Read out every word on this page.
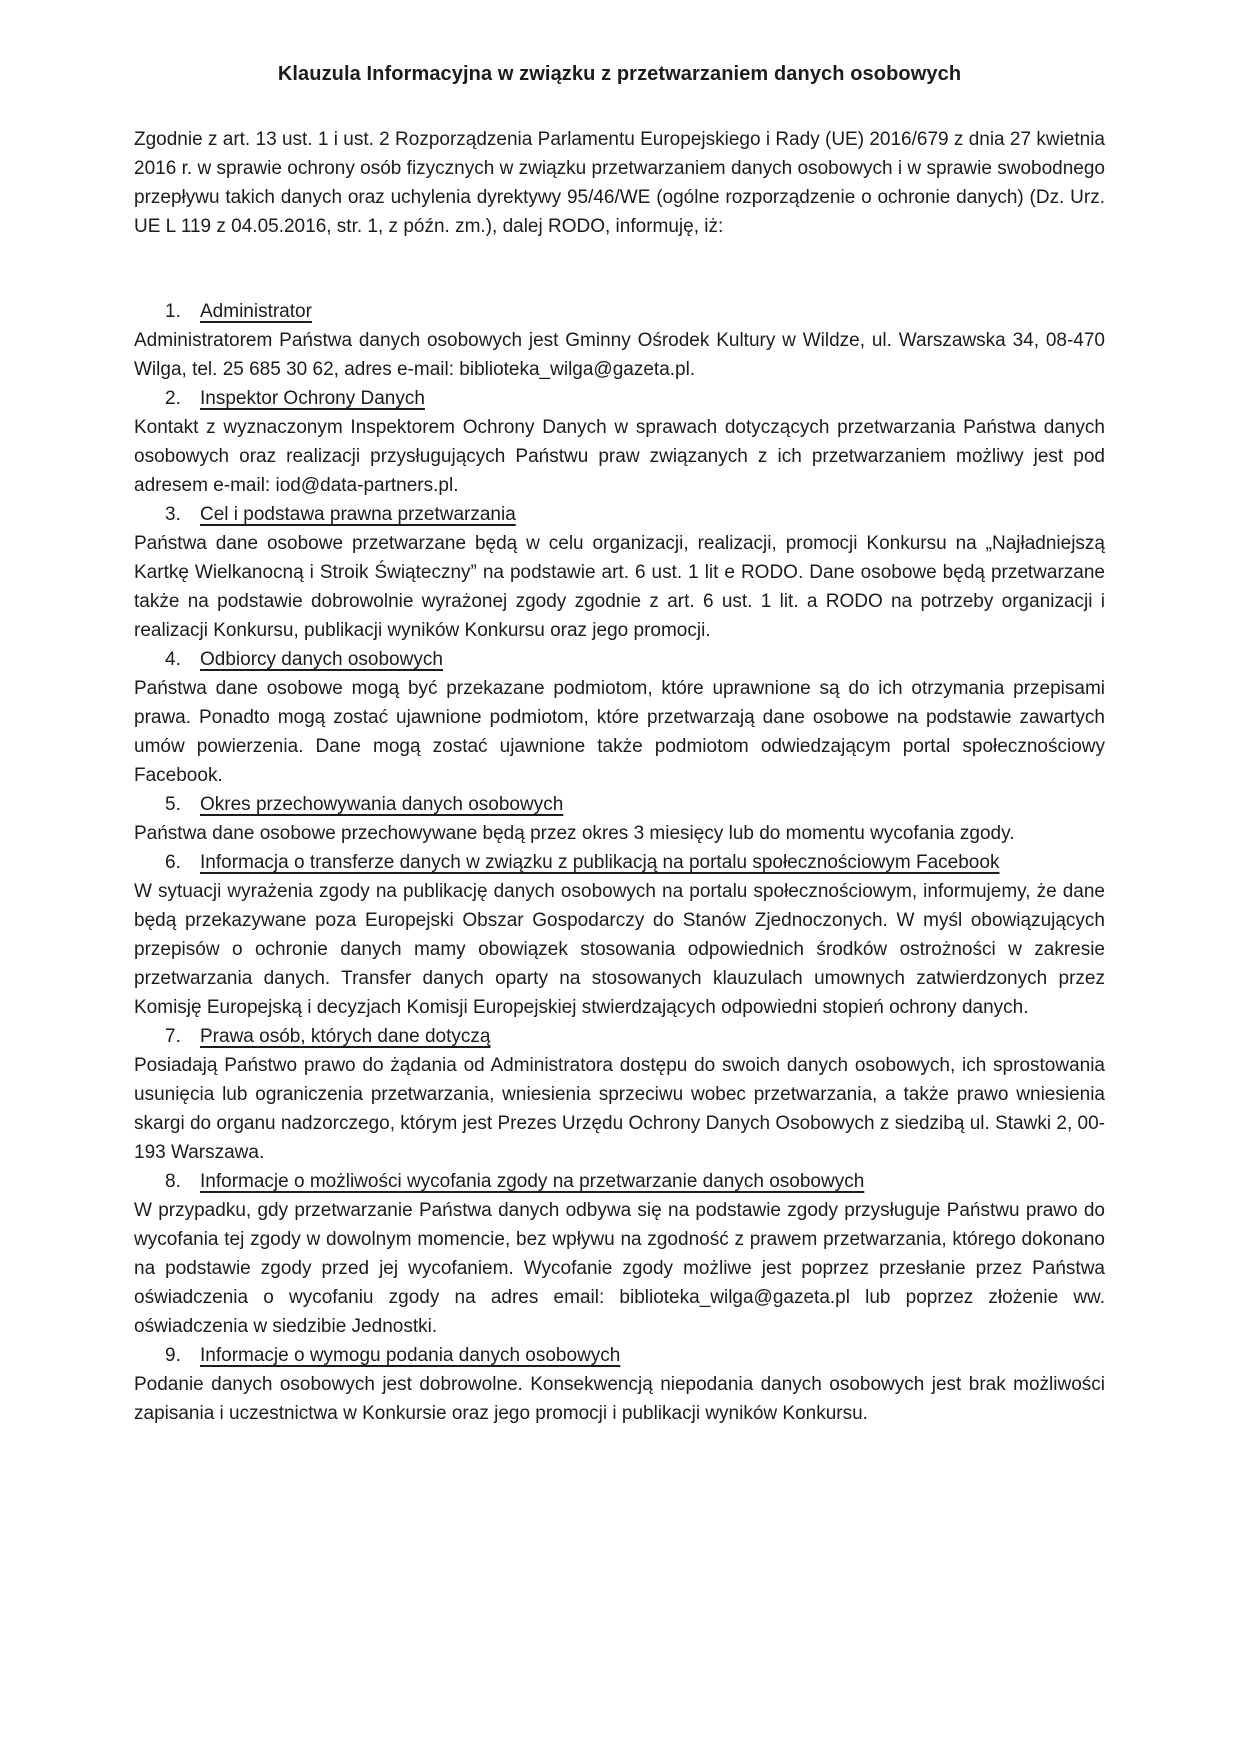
Klauzula Informacyjna w związku z przetwarzaniem danych osobowych

Zgodnie z art. 13 ust. 1 i ust. 2 Rozporządzenia Parlamentu Europejskiego i Rady (UE) 2016/679 z dnia 27 kwietnia 2016 r. w sprawie ochrony osób fizycznych w związku przetwarzaniem danych osobowych i w sprawie swobodnego przepływu takich danych oraz uchylenia dyrektywy 95/46/WE (ogólne rozporządzenie o ochronie danych) (Dz. Urz. UE L 119 z 04.05.2016, str. 1, z późn. zm.), dalej RODO, informuję, iż:

1. Administrator

Administratorem Państwa danych osobowych jest Gminny Ośrodek Kultury w Wildze, ul. Warszawska 34, 08-470 Wilga, tel. 25 685 30 62, adres e-mail: biblioteka_wilga@gazeta.pl.

2. Inspektor Ochrony Danych

Kontakt z wyznaczonym Inspektorem Ochrony Danych w sprawach dotyczących przetwarzania Państwa danych osobowych oraz realizacji przysługujących Państwu praw związanych z ich przetwarzaniem możliwy jest pod adresem e-mail: iod@data-partners.pl.

3. Cel i podstawa prawna przetwarzania

Państwa dane osobowe przetwarzane będą w celu organizacji, realizacji, promocji Konkursu na „Najładniejszą Kartkę Wielkanocną i Stroik Świąteczny” na podstawie art. 6 ust. 1 lit e RODO. Dane osobowe będą przetwarzane także na podstawie dobrowolnie wyrażonej zgody zgodnie z art. 6 ust. 1 lit. a RODO na potrzeby organizacji i realizacji Konkursu, publikacji wyników Konkursu oraz jego promocji.

4. Odbiorcy danych osobowych

Państwa dane osobowe mogą być przekazane podmiotom, które uprawnione są do ich otrzymania przepisami prawa. Ponadto mogą zostać ujawnione podmiotom, które przetwarzają dane osobowe na podstawie zawartych umów powierzenia. Dane mogą zostać ujawnione także podmiotom odwiedzającym portal społecznościowy Facebook.

5. Okres przechowywania danych osobowych

Państwa dane osobowe przechowywane będą przez okres 3 miesięcy lub do momentu wycofania zgody.

6. Informacja o transferze danych w związku z publikacją na portalu społecznościowym Facebook

W sytuacji wyrażenia zgody na publikację danych osobowych na portalu społecznościowym, informujemy, że dane będą przekazywane poza Europejski Obszar Gospodarczy do Stanów Zjednoczonych. W myśl obowiązujących przepisów o ochronie danych mamy obowiązek stosowania odpowiednich środków ostrożności w zakresie przetwarzania danych. Transfer danych oparty na stosowanych klauzulach umownych zatwierdzonych przez Komisję Europejską i decyzjach Komisji Europejskiej stwierdzających odpowiedni stopień ochrony danych.

7. Prawa osób, których dane dotyczą

Posiadają Państwo prawo do żądania od Administratora dostępu do swoich danych osobowych, ich sprostowania usunięcia lub ograniczenia przetwarzania, wniesienia sprzeciwu wobec przetwarzania, a także prawo wniesienia skargi do organu nadzorczego, którym jest Prezes Urzędu Ochrony Danych Osobowych z siedzibą ul. Stawki 2, 00-193 Warszawa.

8. Informacje o możliwości wycofania zgody na przetwarzanie danych osobowych

W przypadku, gdy przetwarzanie Państwa danych odbywa się na podstawie zgody przysługuje Państwu prawo do wycofania tej zgody w dowolnym momencie, bez wpływu na zgodność z prawem przetwarzania, którego dokonano na podstawie zgody przed jej wycofaniem. Wycofanie zgody możliwe jest poprzez przesłanie przez Państwa oświadczenia o wycofaniu zgody na adres email: biblioteka_wilga@gazeta.pl lub poprzez złożenie ww. oświadczenia w siedzibie Jednostki.

9. Informacje o wymogu podania danych osobowych

Podanie danych osobowych jest dobrowolne. Konsekwencją niepodania danych osobowych jest brak możliwości zapisania i uczestnictwa w Konkursie oraz jego promocji i publikacji wyników Konkursu.
